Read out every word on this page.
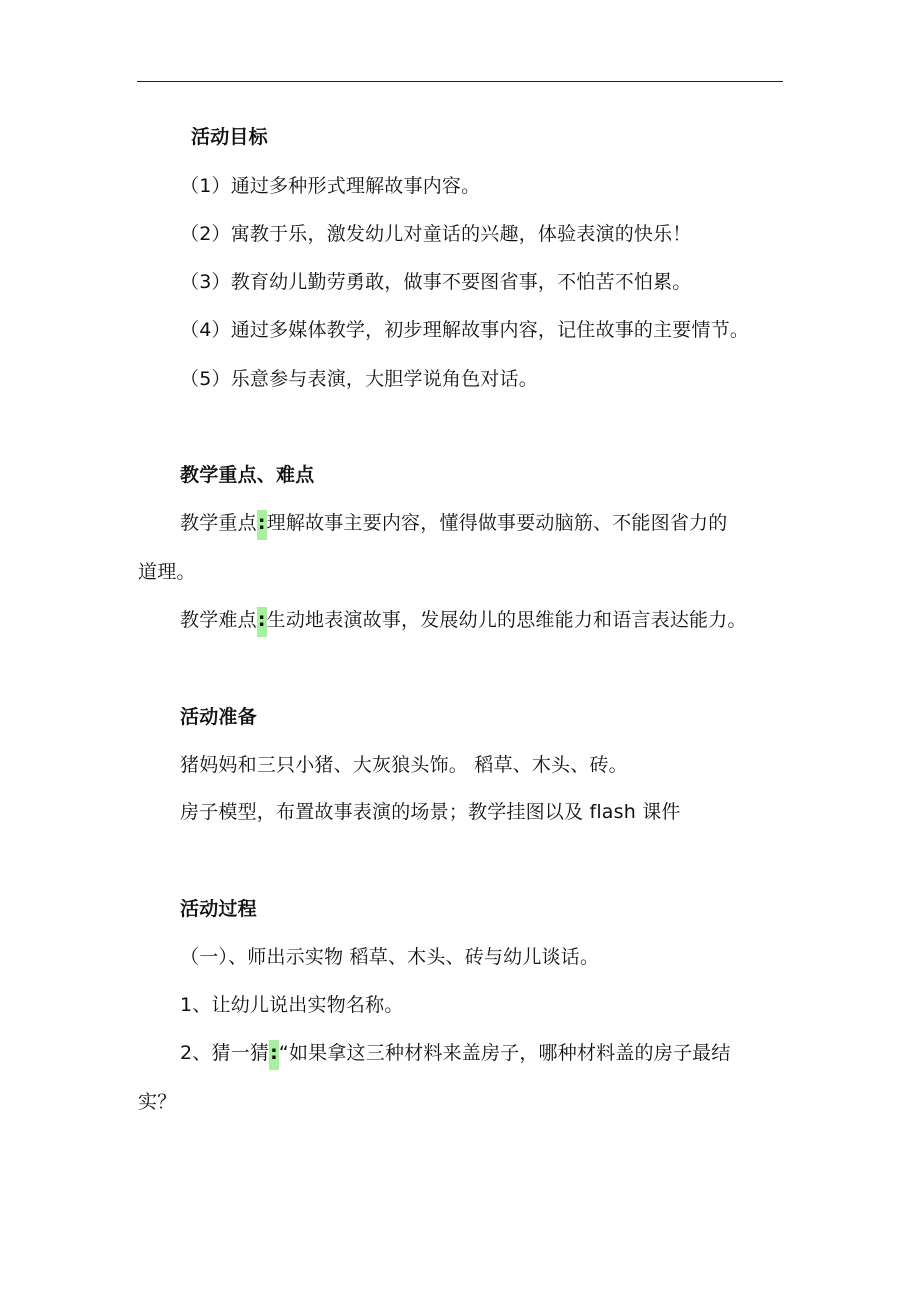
活动目标
（1）通过多种形式理解故事内容。
（2）寓教于乐，激发幼儿对童话的兴趣，体验表演的快乐！
（3）教育幼儿勤劳勇敢，做事不要图省事，不怕苦不怕累。
（4）通过多媒体教学，初步理解故事内容，记住故事的主要情节。
（5）乐意参与表演，大胆学说角色对话。
教学重点、难点
教学重点:理解故事主要内容，懂得做事要动脑筋、不能图省力的
道理。
教学难点:生动地表演故事，发展幼儿的思维能力和语言表达能力。
活动准备
猪妈妈和三只小猪、大灰狼头饰。 稻草、木头、砖。
房子模型，布置故事表演的场景；教学挂图以及 flash 课件
活动过程
（一）、师出示实物 稻草、木头、砖与幼儿谈话。
1、让幼儿说出实物名称。
2、猜一猜:“如果拿这三种材料来盖房子，哪种材料盖的房子最结
实？
